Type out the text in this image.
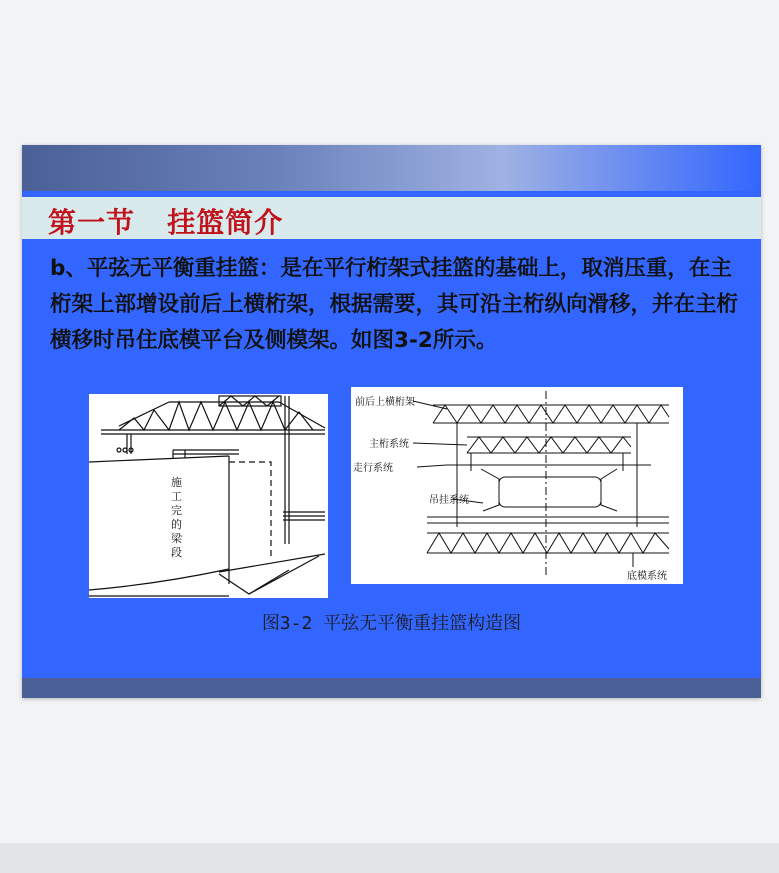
第一节   挂篮简介
b、平弦无平衡重挂篮：是在平行桁架式挂篮的基础上，取消压重，在主桁架上部增设前后上横桁架，根据需要，其可沿主桁纵向滑移，并在主桁横移时吊住底模平台及侧模架。如图3-2所示。
施
工
完
的
梁
段
前后上横桁架
主桁系统
走行系统
吊挂系统
底模系统
图3-2 平弦无平衡重挂篮构造图
